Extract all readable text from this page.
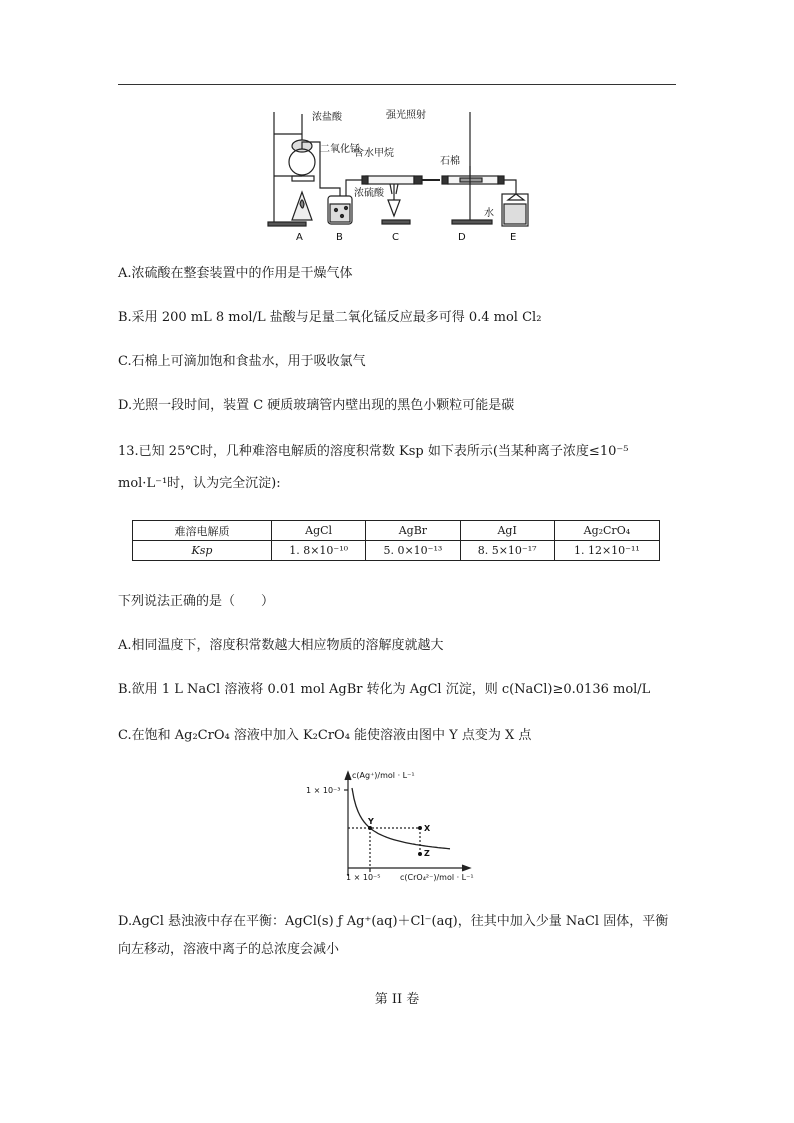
浓盐酸
二氧化锰
浓硫酸
含水甲烷
强光照射
石棉
水
A	B	C	D	E
A.浓硫酸在整套装置中的作用是干燥气体
B.采用 200 mL 8 mol/L 盐酸与足量二氧化锰反应最多可得 0.4 mol Cl₂
C.石棉上可滴加饱和食盐水，用于吸收氯气
D.光照一段时间，装置 C 硬质玻璃管内壁出现的黑色小颗粒可能是碳
13.已知 25℃时，几种难溶电解质的溶度积常数 Ksp 如下表所示(当某种离子浓度≤10⁻⁵
mol·L⁻¹时，认为完全沉淀):
难溶电解质	AgCl	AgBr	AgI	Ag₂CrO₄
Ksp	1. 8×10⁻¹⁰	5. 0×10⁻¹³	8. 5×10⁻¹⁷	1. 12×10⁻¹¹
下列说法正确的是（　　）
A.相同温度下，溶度积常数越大相应物质的溶解度就越大
B.欲用 1 L NaCl 溶液将 0.01 mol AgBr 转化为 AgCl 沉淀，则 c(NaCl)≥0.0136 mol/L
C.在饱和 Ag₂CrO₄ 溶液中加入 K₂CrO₄ 能使溶液由图中 Y 点变为 X 点
c(Ag⁺)/mol · L⁻¹
1 × 10⁻³
1 × 10⁻⁵ c(CrO₄²⁻)/mol · L⁻¹
Y
X
Z
D.AgCl 悬浊液中存在平衡：AgCl(s) ƒ Ag⁺(aq)＋Cl⁻(aq)，往其中加入少量 NaCl 固体，平衡向左移动，溶液中离子的总浓度会减小
第 II 卷
